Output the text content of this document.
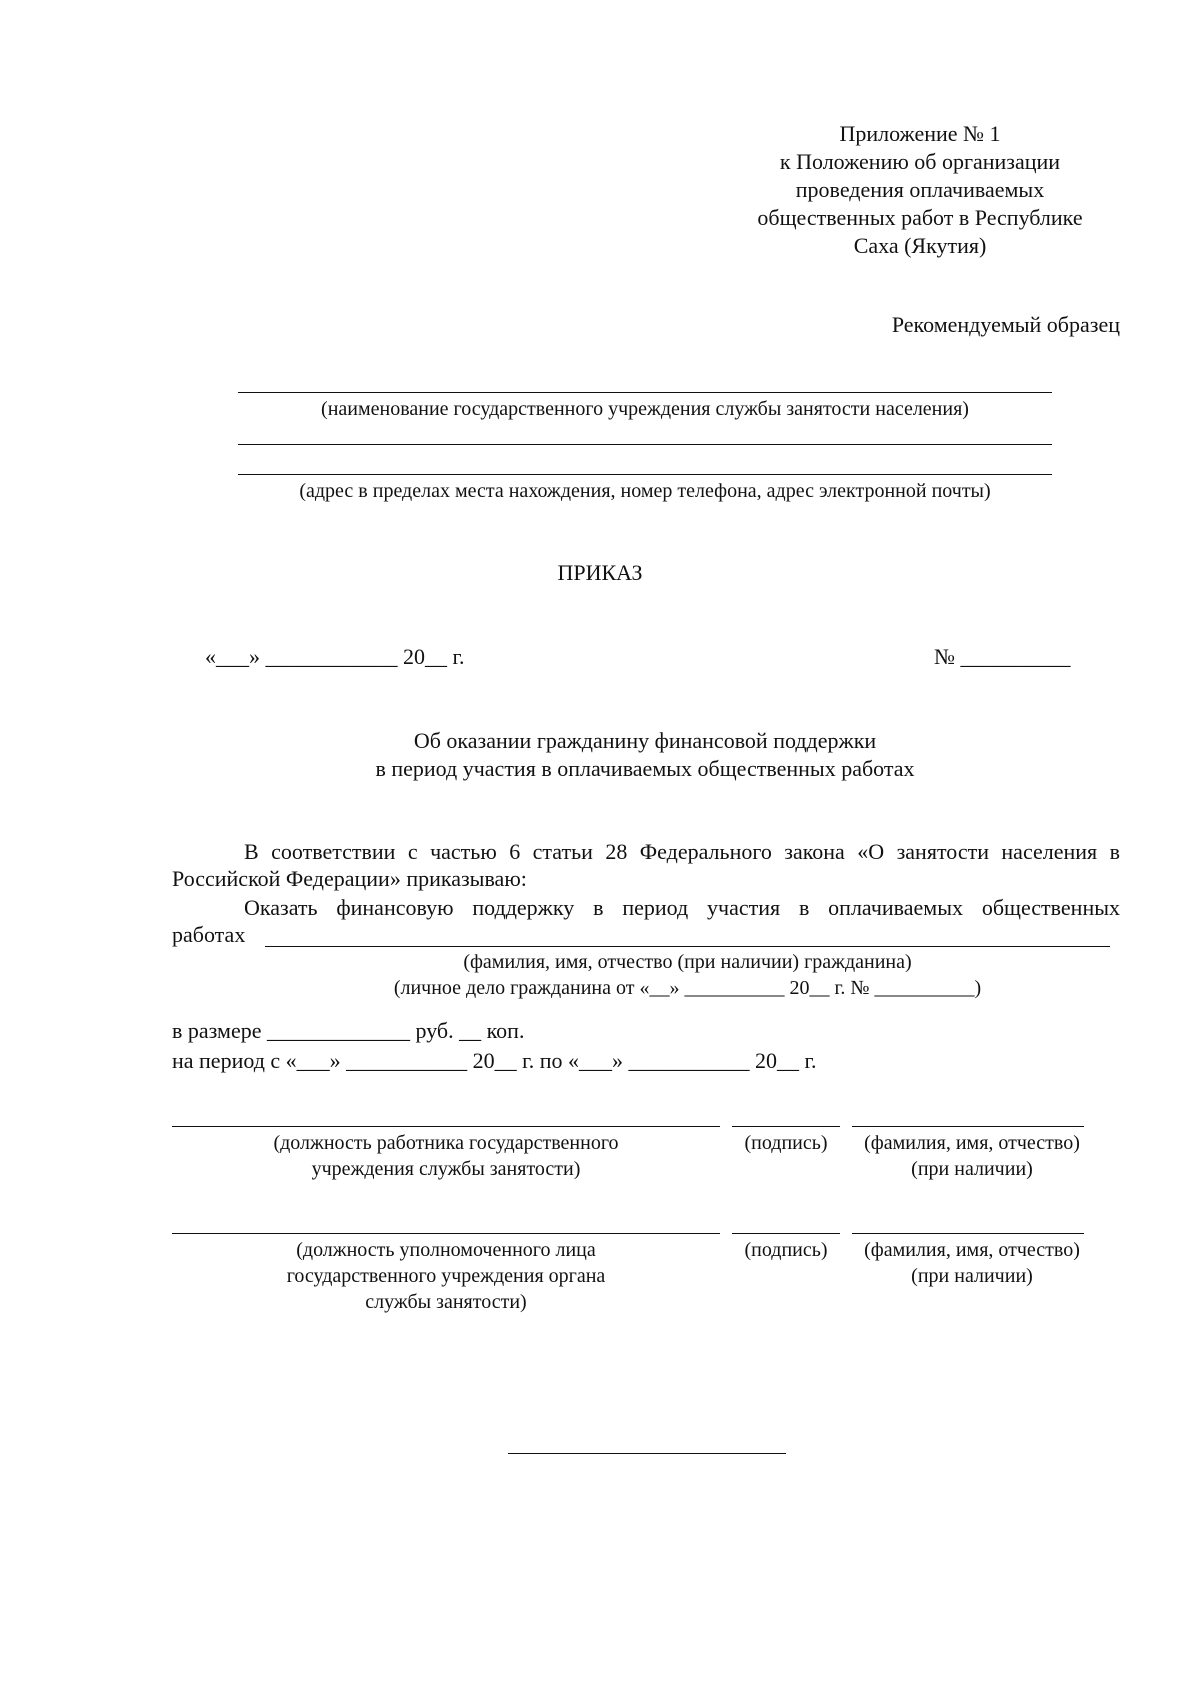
Приложение № 1
к Положению об организации
проведения оплачиваемых
общественных работ в Республике
Саха (Якутия)
Рекомендуемый образец
(наименование государственного учреждения службы занятости населения)
(адрес в пределах места нахождения, номер телефона, адрес электронной почты)
ПРИКАЗ
«___» ____________ 20__ г.	№ __________
Об оказании гражданину финансовой поддержки
в период участия в оплачиваемых общественных работах
В соответствии с частью 6 статьи 28 Федерального закона «О занятости населения в
Российской Федерации» приказываю:
Оказать финансовую поддержку в период участия в оплачиваемых общественных
работах
(фамилия, имя, отчество (при наличии) гражданина)
(личное дело гражданина от «__» __________ 20__ г. № __________)
в размере _____________ руб. __ коп.
на период с «___» ___________ 20__ г. по «___» ___________ 20__ г.
(должность работника государственного
учреждения службы занятости)
(подпись)	(фамилия, имя, отчество)
(при наличии)
(должность уполномоченного лица
государственного учреждения органа
службы занятости)
(подпись)	(фамилия, имя, отчество)
(при наличии)
